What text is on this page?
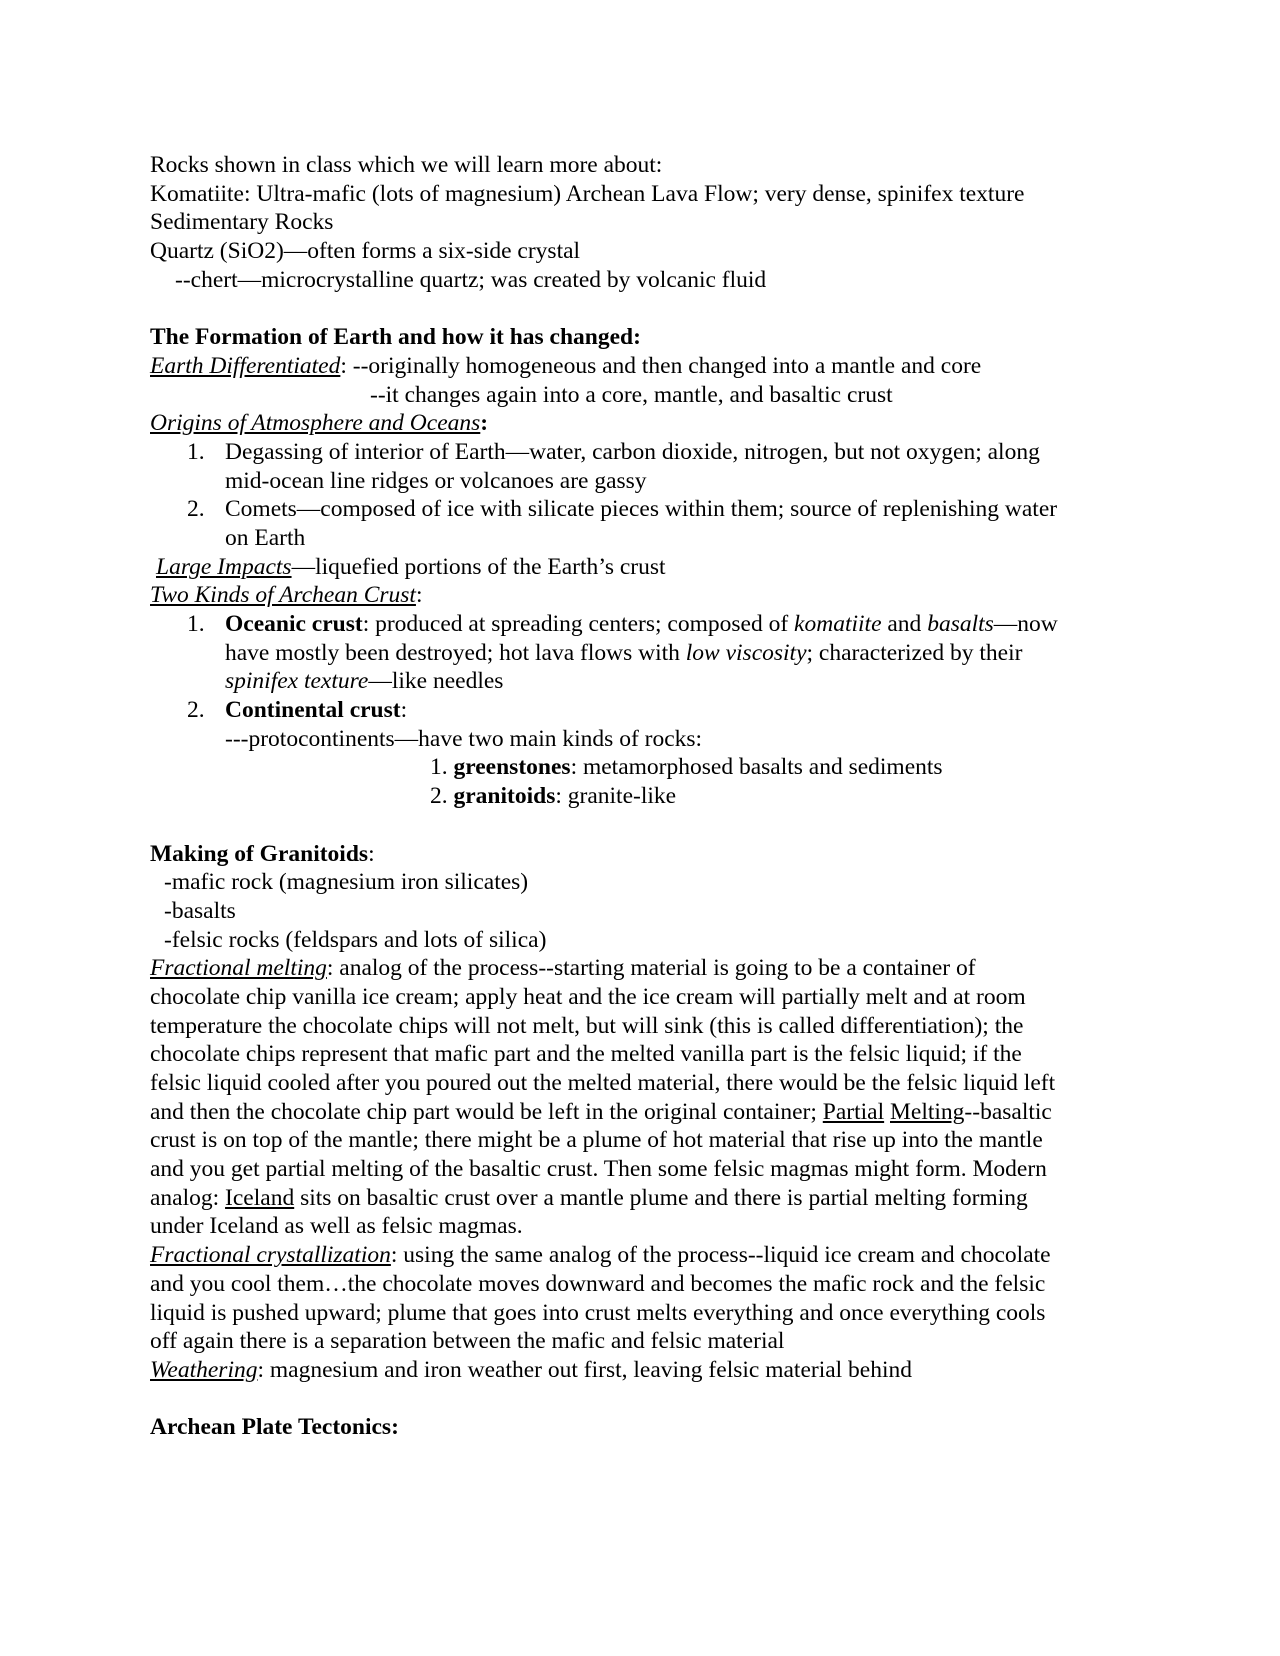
Rocks shown in class which we will learn more about:
Komatiite: Ultra-mafic (lots of magnesium) Archean Lava Flow; very dense, spinifex texture
Sedimentary Rocks
Quartz (SiO2)—often forms a six-side crystal
--chert—microcrystalline quartz; was created by volcanic fluid
The Formation of Earth and how it has changed:
Earth Differentiated: --originally homogeneous and then changed into a mantle and core
--it changes again into a core, mantle, and basaltic crust
Origins of Atmosphere and Oceans:
1. Degassing of interior of Earth—water, carbon dioxide, nitrogen, but not oxygen; along
mid-ocean line ridges or volcanoes are gassy
2. Comets—composed of ice with silicate pieces within them; source of replenishing water
on Earth
Large Impacts—liquefied portions of the Earth’s crust
Two Kinds of Archean Crust:
1. Oceanic crust: produced at spreading centers; composed of komatiite and basalts—now
have mostly been destroyed; hot lava flows with low viscosity; characterized by their
spinifex texture—like needles
2. Continental crust:
---protocontinents—have two main kinds of rocks:
1. greenstones: metamorphosed basalts and sediments
2. granitoids: granite-like
Making of Granitoids:
-mafic rock (magnesium iron silicates)
-basalts
-felsic rocks (feldspars and lots of silica)
Fractional melting: analog of the process--starting material is going to be a container of
chocolate chip vanilla ice cream; apply heat and the ice cream will partially melt and at room
temperature the chocolate chips will not melt, but will sink (this is called differentiation); the
chocolate chips represent that mafic part and the melted vanilla part is the felsic liquid; if the
felsic liquid cooled after you poured out the melted material, there would be the felsic liquid left
and then the chocolate chip part would be left in the original container; Partial Melting--basaltic
crust is on top of the mantle; there might be a plume of hot material that rise up into the mantle
and you get partial melting of the basaltic crust. Then some felsic magmas might form. Modern
analog: Iceland sits on basaltic crust over a mantle plume and there is partial melting forming
under Iceland as well as felsic magmas.
Fractional crystallization: using the same analog of the process--liquid ice cream and chocolate
and you cool them…the chocolate moves downward and becomes the mafic rock and the felsic
liquid is pushed upward; plume that goes into crust melts everything and once everything cools
off again there is a separation between the mafic and felsic material
Weathering: magnesium and iron weather out first, leaving felsic material behind
Archean Plate Tectonics:
